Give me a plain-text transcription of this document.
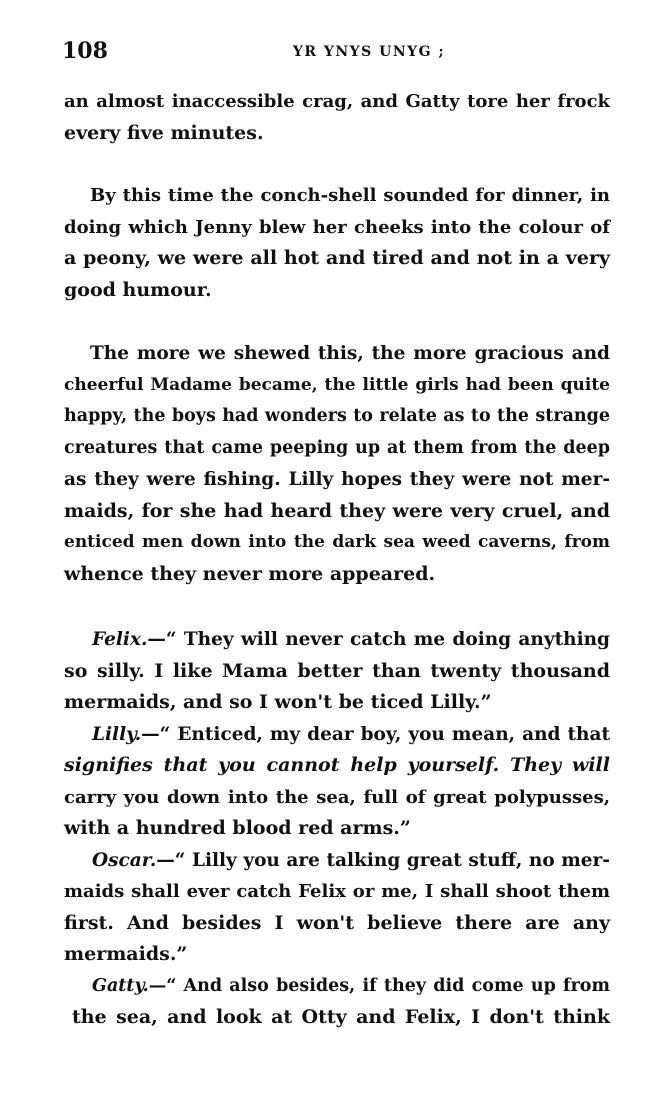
108	YR YNYS UNYG ;
an almost inaccessible crag, and Gatty tore her frock
every five minutes.
By this time the conch-shell sounded for dinner, in
doing which Jenny blew her cheeks into the colour of
a peony, we were all hot and tired and not in a very
good humour.
The more we shewed this, the more gracious and
cheerful Madame became, the little girls had been quite
happy, the boys had wonders to relate as to the strange
creatures that came peeping up at them from the deep
as they were fishing. Lilly hopes they were not mer-
maids, for she had heard they were very cruel, and
enticed men down into the dark sea weed caverns, from
whence they never more appeared.
Felix.—“ They will never catch me doing anything
so silly. I like Mama better than twenty thousand
mermaids, and so I won't be ticed Lilly.”
Lilly.—“ Enticed, my dear boy, you mean, and that
signifies that you cannot help yourself. They will
carry you down into the sea, full of great polypusses,
with a hundred blood red arms.”
Oscar.—“ Lilly you are talking great stuff, no mer-
maids shall ever catch Felix or me, I shall shoot them
first. And besides I won't believe there are any
mermaids.”
Gatty.—“ And also besides, if they did come up from
the sea, and look at Otty and Felix, I don't think
